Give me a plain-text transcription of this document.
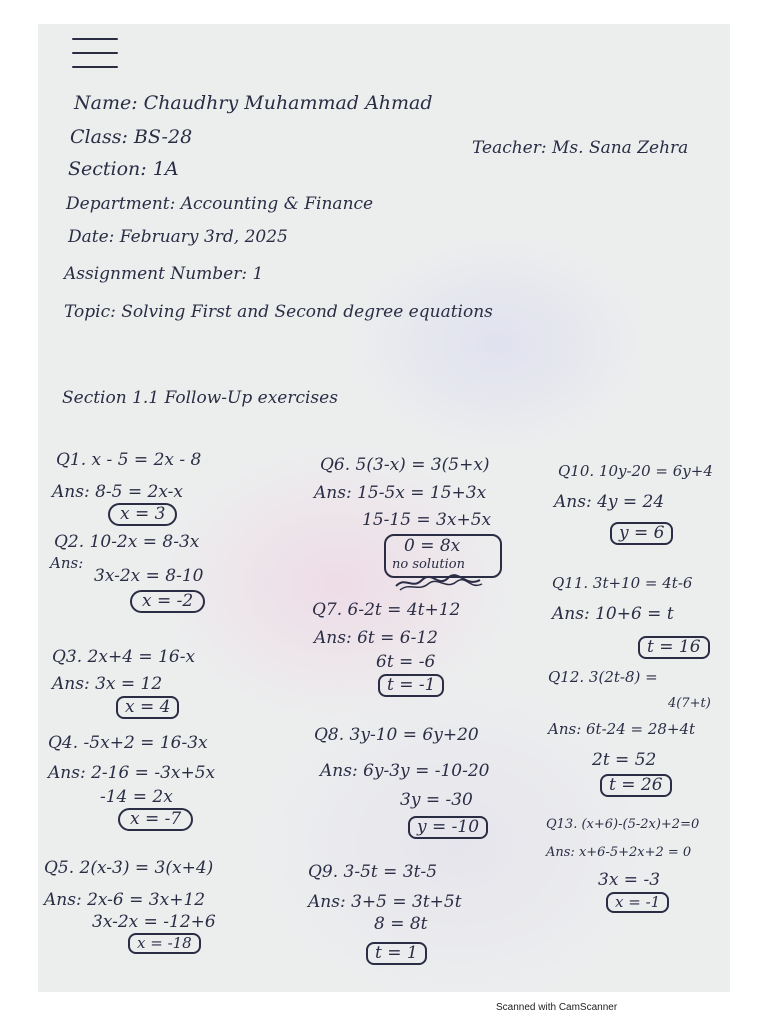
Name: Chaudhry Muhammad Ahmad
Class: BS-28	Teacher: Ms. Sana Zehra
Section: 1A
Department: Accounting & Finance
Date: February 3rd, 2025
Assignment Number: 1
Topic: Solving First and Second degree equations
Section 1.1 Follow-Up exercises
Q1. x - 5 = 2x - 8
Ans: 8-5 = 2x-x
x = 3
Q2. 10-2x = 8-3x
Ans:
3x-2x = 8-10
x = -2
Q3. 2x+4 = 16-x
Ans: 3x = 12
x = 4
Q4. -5x+2 = 16-3x
Ans: 2-16 = -3x+5x
-14 = 2x
x = -7
Q5. 2(x-3) = 3(x+4)
Ans: 2x-6 = 3x+12
3x-2x = -12+6
x = -18
Q6. 5(3-x) = 3(5+x)
Ans: 15-5x = 15+3x
15-15 = 3x+5x
0 = 8x
no solution
Q7. 6-2t = 4t+12
Ans: 6t = 6-12
6t = -6
t = -1
Q8. 3y-10 = 6y+20
Ans: 6y-3y = -10-20
3y = -30
y = -10
Q9. 3-5t = 3t-5
Ans: 3+5 = 3t+5t
8 = 8t
t = 1
Q10. 10y-20 = 6y+4
Ans: 4y = 24
y = 6
Q11. 3t+10 = 4t-6
Ans: 10+6 = t
t = 16
Q12. 3(2t-8) =
4(7+t)
Ans: 6t-24 = 28+4t
2t = 52
t = 26
Q13. (x+6)-(5-2x)+2=0
Ans: x+6-5+2x+2 = 0
3x = -3
x = -1
Scanned with CamScanner
